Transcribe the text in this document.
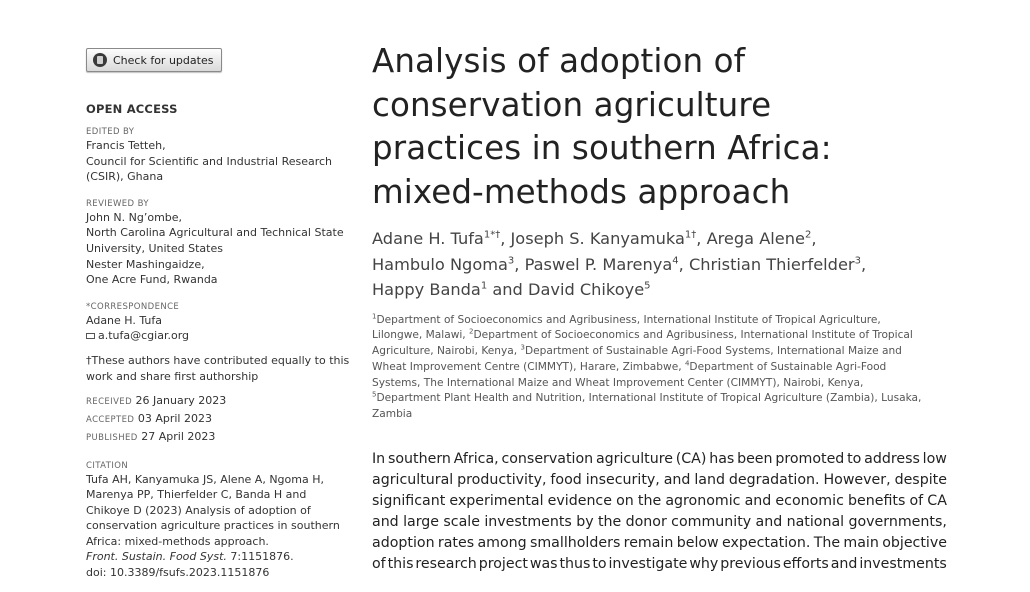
Check for updates
OPEN ACCESS
EDITED BY
Francis Tetteh,
Council for Scientific and Industrial Research
(CSIR), Ghana
REVIEWED BY
John N. Ng’ombe,
North Carolina Agricultural and Technical State
University, United States
Nester Mashingaidze,
One Acre Fund, Rwanda
*CORRESPONDENCE
Adane H. Tufa
a.tufa@cgiar.org
†These authors have contributed equally to this
work and share first authorship
RECEIVED 26 January 2023
ACCEPTED 03 April 2023
PUBLISHED 27 April 2023
CITATION
Tufa AH, Kanyamuka JS, Alene A, Ngoma H,
Marenya PP, Thierfelder C, Banda H and
Chikoye D (2023) Analysis of adoption of
conservation agriculture practices in southern
Africa: mixed-methods approach.
Front. Sustain. Food Syst. 7:1151876.
doi: 10.3389/fsufs.2023.1151876
Analysis of adoption of
conservation agriculture
practices in southern Africa:
mixed-methods approach
Adane H. Tufa$^{1*\dagger}$, Joseph S. Kanyamuka$^{1\dagger}$, Arega Alene$^2$,
Hambulo Ngoma$^3$, Paswel P. Marenya$^4$, Christian Thierfelder$^3$,
Happy Banda$^1$ and David Chikoye$^5$
$^1$Department of Socioeconomics and Agribusiness, International Institute of Tropical Agriculture,
Lilongwe, Malawi, $^2$Department of Socioeconomics and Agribusiness, International Institute of Tropical
Agriculture, Nairobi, Kenya, $^3$Department of Sustainable Agri-Food Systems, International Maize and
Wheat Improvement Centre (CIMMYT), Harare, Zimbabwe, $^4$Department of Sustainable Agri-Food
Systems, The International Maize and Wheat Improvement Center (CIMMYT), Nairobi, Kenya,
$^5$Department Plant Health and Nutrition, International Institute of Tropical Agriculture (Zambia), Lusaka,
Zambia
In southern Africa, conservation agriculture (CA) has been promoted to address low
agricultural productivity, food insecurity, and land degradation. However, despite
significant experimental evidence on the agronomic and economic benefits of CA
and large scale investments by the donor community and national governments,
adoption rates among smallholders remain below expectation. The main objective
of this research project was thus to investigate why previous efforts and investments
